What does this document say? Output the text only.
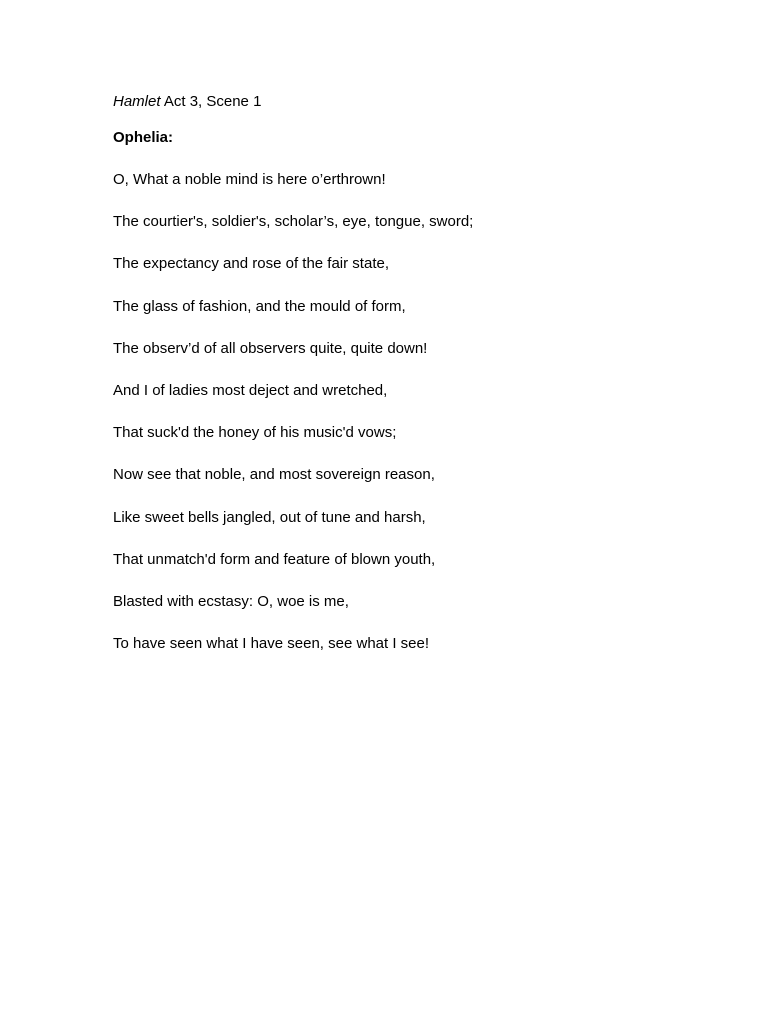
Hamlet Act 3, Scene 1
Ophelia:
O, What a noble mind is here o’erthrown!
The courtier's, soldier's, scholar’s, eye, tongue, sword;
The expectancy and rose of the fair state,
The glass of fashion, and the mould of form,
The observ’d of all observers quite, quite down!
And I of ladies most deject and wretched,
That suck'd the honey of his music'd vows;
Now see that noble, and most sovereign reason,
Like sweet bells jangled, out of tune and harsh,
That unmatch'd form and feature of blown youth,
Blasted with ecstasy: O, woe is me,
To have seen what I have seen, see what I see!
